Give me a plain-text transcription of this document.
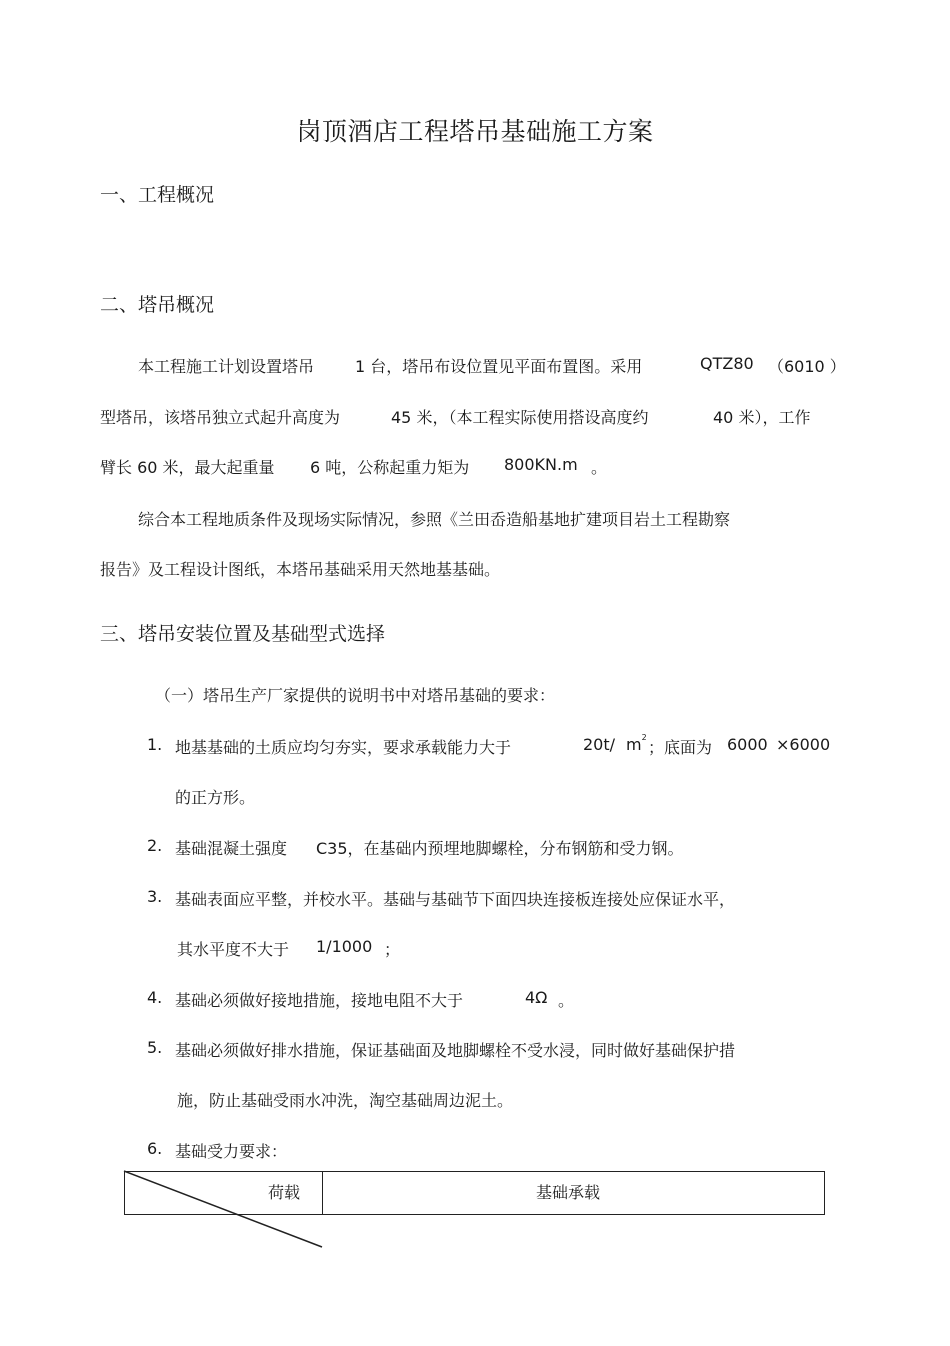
岗顶酒店工程塔吊基础施工方案
一、工程概况
二、塔吊概况
本工程施工计划设置塔吊	1 台，塔吊布设位置见平面布置图。采用	QTZ80 （6010 ）
型塔吊，该塔吊独立式起升高度为	45 米，（本工程实际使用搭设高度约	40 米），工作
臂长 60 米，最大起重量 6 吨，公称起重力矩为 800KN.m 。
综合本工程地质条件及现场实际情况，参照《兰田岙造船基地扩建项目岩土工程勘察
报告》及工程设计图纸，本塔吊基础采用天然地基基础。
三、塔吊安装位置及基础型式选择
（一）塔吊生产厂家提供的说明书中对塔吊基础的要求：
1. 地基基础的土质应均匀夯实，要求承载能力大于	20t/ $m^2$
；底面为 6000 ×6000
的正方形。
2. 基础混凝土强度 C35，在基础内预埋地脚螺栓，分布钢筋和受力钢。
3. 基础表面应平整，并校水平。基础与基础节下面四块连接板连接处应保证水平，
其水平度不大于 1/1000 ；
4. 基础必须做好接地措施，接地电阻不大于	4Ω 。
5. 基础必须做好排水措施，保证基础面及地脚螺栓不受水浸，同时做好基础保护措
施，防止基础受雨水冲洗，淘空基础周边泥土。
6. 基础受力要求：
荷载	基础承载
